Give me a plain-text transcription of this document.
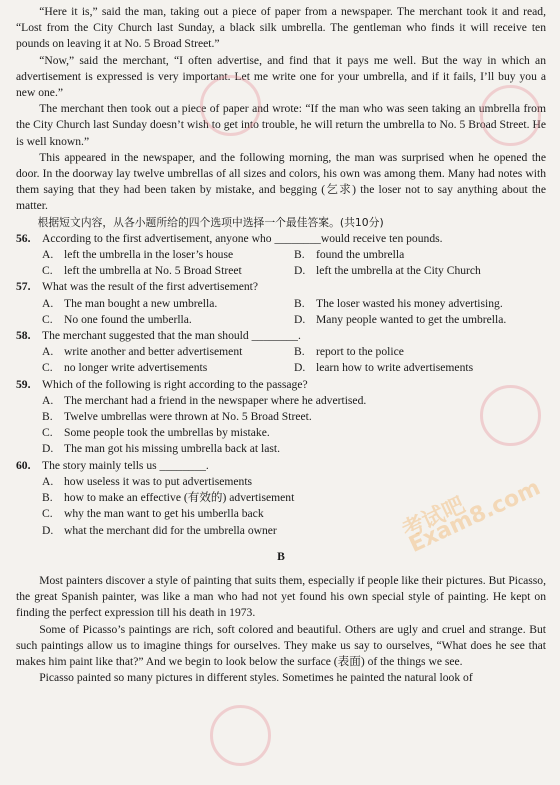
“Here it is,” said the man, taking out a piece of paper from a newspaper. The merchant took it and read, “Lost from the City Church last Sunday, a black silk umbrella. The gentleman who finds it will receive ten pounds on leaving it at No. 5 Broad Street.”

“Now,” said the merchant, “I often advertise, and find that it pays me well. But the way in which an advertisement is expressed is very important. Let me write one for your umbrella, and if it fails, I’ll buy you a new one.”

The merchant then took out a piece of paper and wrote: “If the man who was seen taking an umbrella from the City Church last Sunday doesn’t wish to get into trouble, he will return the umbrella to No. 5 Broad Street. He is well known.”

This appeared in the newspaper, and the following morning, the man was surprised when he opened the door. In the doorway lay twelve umbrellas of all sizes and colors, his own was among them. Many had notes with them saying that they had been taken by mistake, and begging (乞求) the loser not to say anything about the matter.

根据短文内容，从各小题所给的四个选项中选择一个最佳答案。(共10分)

56. According to the first advertisement, anyone who ________would receive ten pounds.
A. left the umbrella in the loser’s house	B. found the umbrella
C. left the umbrella at No. 5 Broad Street	D. left the umbrella at the City Church
57. What was the result of the first advertisement?
A. The man bought a new umbrella.	B. The loser wasted his money advertising.
C. No one found the umberlla.	D. Many people wanted to get the umbrella.
58. The merchant suggested that the man should ________.
A. write another and better advertisement	B. report to the police
C. no longer write advertisements	D. learn how to write advertisements
59. Which of the following is right according to the passage?
A. The merchant had a friend in the newspaper where he advertised.
B. Twelve umbrellas were thrown at No. 5 Broad Street.
C. Some people took the umbrellas by mistake.
D. The man got his missing umbrella back at last.
60. The story mainly tells us ________.
A. how useless it was to put advertisements
B. how to make an effective (有效的) advertisement
C. why the man want to get his umberlla back
D. what the merchant did for the umbrella owner
B

Most painters discover a style of painting that suits them, especially if people like their pictures. But Picasso, the great Spanish painter, was like a man who had not yet found his own special style of painting. He kept on finding the perfect expression till his death in 1973.

Some of Picasso’s paintings are rich, soft colored and beautiful. Others are ugly and cruel and strange. But such paintings allow us to imagine things for ourselves. They make us say to ourselves, “What does he see that makes him paint like that?” And we begin to look below the surface (表面) of the things we see.

Picasso painted so many pictures in different styles. Sometimes he painted the natural look of

考试吧 Exam8.com
